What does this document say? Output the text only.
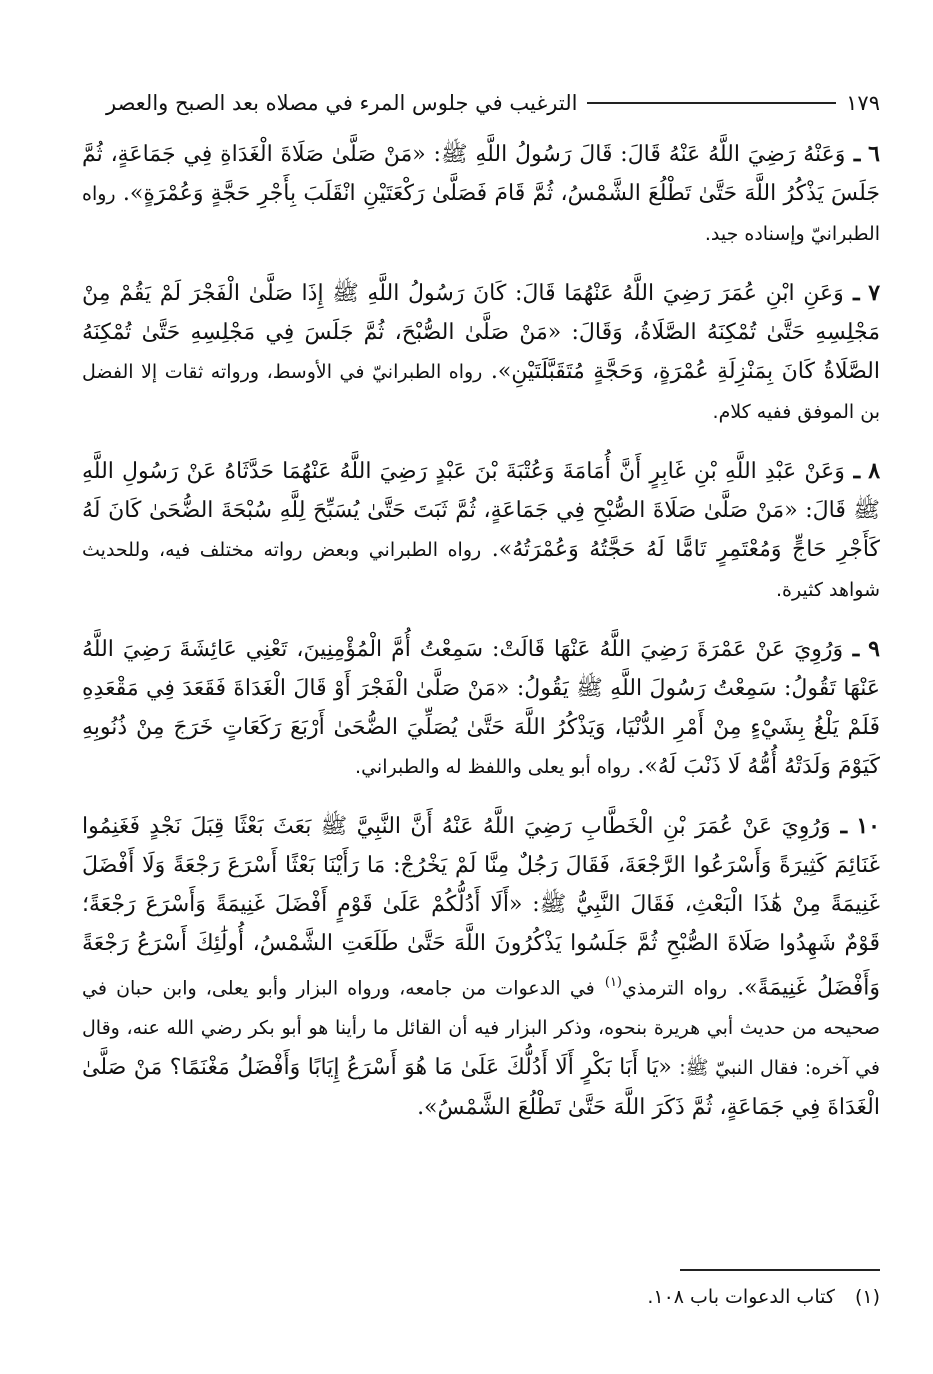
الترغيب في جلوس المرء في مصلاه بعد الصبح والعصر	١٧٩

٦ ـ وَعَنْهُ رَضِيَ اللَّهُ عَنْهُ قَالَ: قَالَ رَسُولُ اللَّهِ ﷺ: «مَنْ صَلَّىٰ صَلَاةَ الْغَدَاةِ فِي جَمَاعَةٍ، ثُمَّ جَلَسَ يَذْكُرُ اللَّهَ حَتَّىٰ تَطْلُعَ الشَّمْسُ، ثُمَّ قَامَ فَصَلَّىٰ رَكْعَتَيْنِ انْقَلَبَ بِأَجْرِ حَجَّةٍ وَعُمْرَةٍ». رواه الطبرانيّ وإسناده جيد.

٧ ـ وَعَنِ ابْنِ عُمَرَ رَضِيَ اللَّهُ عَنْهُمَا قَالَ: كَانَ رَسُولُ اللَّهِ ﷺ إِذَا صَلَّىٰ الْفَجْرَ لَمْ يَقُمْ مِنْ مَجْلِسِهِ حَتَّىٰ تُمْكِنَهُ الصَّلَاةُ، وَقَالَ: «مَنْ صَلَّىٰ الصُّبْحَ، ثُمَّ جَلَسَ فِي مَجْلِسِهِ حَتَّىٰ تُمْكِنَهُ الصَّلَاةُ كَانَ بِمَنْزِلَةِ عُمْرَةٍ، وَحَجَّةٍ مُتَقَبَّلَتَيْنِ». رواه الطبرانيّ في الأوسط، ورواته ثقات إلا الفضل بن الموفق ففيه كلام.

٨ ـ وَعَنْ عَبْدِ اللَّهِ بْنِ غَابِرٍ أَنَّ أُمَامَةَ وَعُتْبَةَ بْنَ عَبْدٍ رَضِيَ اللَّهُ عَنْهُمَا حَدَّثَاهُ عَنْ رَسُولِ اللَّهِ ﷺ قَالَ: «مَنْ صَلَّىٰ صَلَاةَ الصُّبْحِ فِي جَمَاعَةٍ، ثُمَّ ثَبَتَ حَتَّىٰ يُسَبِّحَ لِلَّهِ سُبْحَةَ الضُّحَىٰ كَانَ لَهُ كَأَجْرِ حَاجٍّ وَمُعْتَمِرٍ تَامًّا لَهُ حَجَّتُهُ وَعُمْرَتُهُ». رواه الطبراني وبعض رواته مختلف فيه، وللحديث شواهد كثيرة.

٩ ـ وَرُوِيَ عَنْ عَمْرَةَ رَضِيَ اللَّهُ عَنْهَا قَالَتْ: سَمِعْتُ أُمَّ الْمُؤْمِنِينَ، تَعْنِي عَائِشَةَ رَضِيَ اللَّهُ عَنْهَا تَقُولُ: سَمِعْتُ رَسُولَ اللَّهِ ﷺ يَقُولُ: «مَنْ صَلَّىٰ الْفَجْرَ أَوْ قَالَ الْغَدَاةَ فَقَعَدَ فِي مَقْعَدِهِ فَلَمْ يَلْغُ بِشَيْءٍ مِنْ أَمْرِ الدُّنْيَا، وَيَذْكُرُ اللَّهَ حَتَّىٰ يُصَلِّيَ الضُّحَىٰ أَرْبَعَ رَكَعَاتٍ خَرَجَ مِنْ ذُنُوبِهِ كَيَوْمَ وَلَدَتْهُ أُمُّهُ لَا ذَنْبَ لَهُ». رواه أبو يعلى واللفظ له والطبراني.

١٠ ـ وَرُوِيَ عَنْ عُمَرَ بْنِ الْخَطَّابِ رَضِيَ اللَّهُ عَنْهُ أَنَّ النَّبِيَّ ﷺ بَعَثَ بَعْثًا قِبَلَ نَجْدٍ فَغَنِمُوا غَنَائِمَ كَثِيرَةً وَأَسْرَعُوا الرَّجْعَةَ، فَقَالَ رَجُلٌ مِنَّا لَمْ يَخْرُجْ: مَا رَأَيْنَا بَعْثًا أَسْرَعَ رَجْعَةً وَلَا أَفْضَلَ غَنِيمَةً مِنْ هَٰذَا الْبَعْثِ، فَقَالَ النَّبِيُّ ﷺ: «أَلَا أَدُلُّكُمْ عَلَىٰ قَوْمٍ أَفْضَلَ غَنِيمَةً وَأَسْرَعَ رَجْعَةً؛ قَوْمٌ شَهِدُوا صَلَاةَ الصُّبْحِ ثُمَّ جَلَسُوا يَذْكُرُونَ اللَّهَ حَتَّىٰ طَلَعَتِ الشَّمْسُ، أُولَٰئِكَ أَسْرَعُ رَجْعَةً وَأَفْضَلُ غَنِيمَةً». رواه الترمذي$^{(١)}$ في الدعوات من جامعه، ورواه البزار وأبو يعلى، وابن حبان في صحيحه من حديث أبي هريرة بنحوه، وذكر البزار فيه أن القائل ما رأينا هو أبو بكر رضي الله عنه، وقال في آخره: فقال النبيّ ﷺ: «يَا أَبَا بَكْرٍ أَلَا أَدُلُّكَ عَلَىٰ مَا هُوَ أَسْرَعُ إِيَابًا وَأَفْضَلُ مَغْنَمًا؟ مَنْ صَلَّىٰ الْغَدَاةَ فِي جَمَاعَةٍ، ثُمَّ ذَكَرَ اللَّهَ حَتَّىٰ تَطْلُعَ الشَّمْسُ».

(١) كتاب الدعوات باب ١٠٨.
